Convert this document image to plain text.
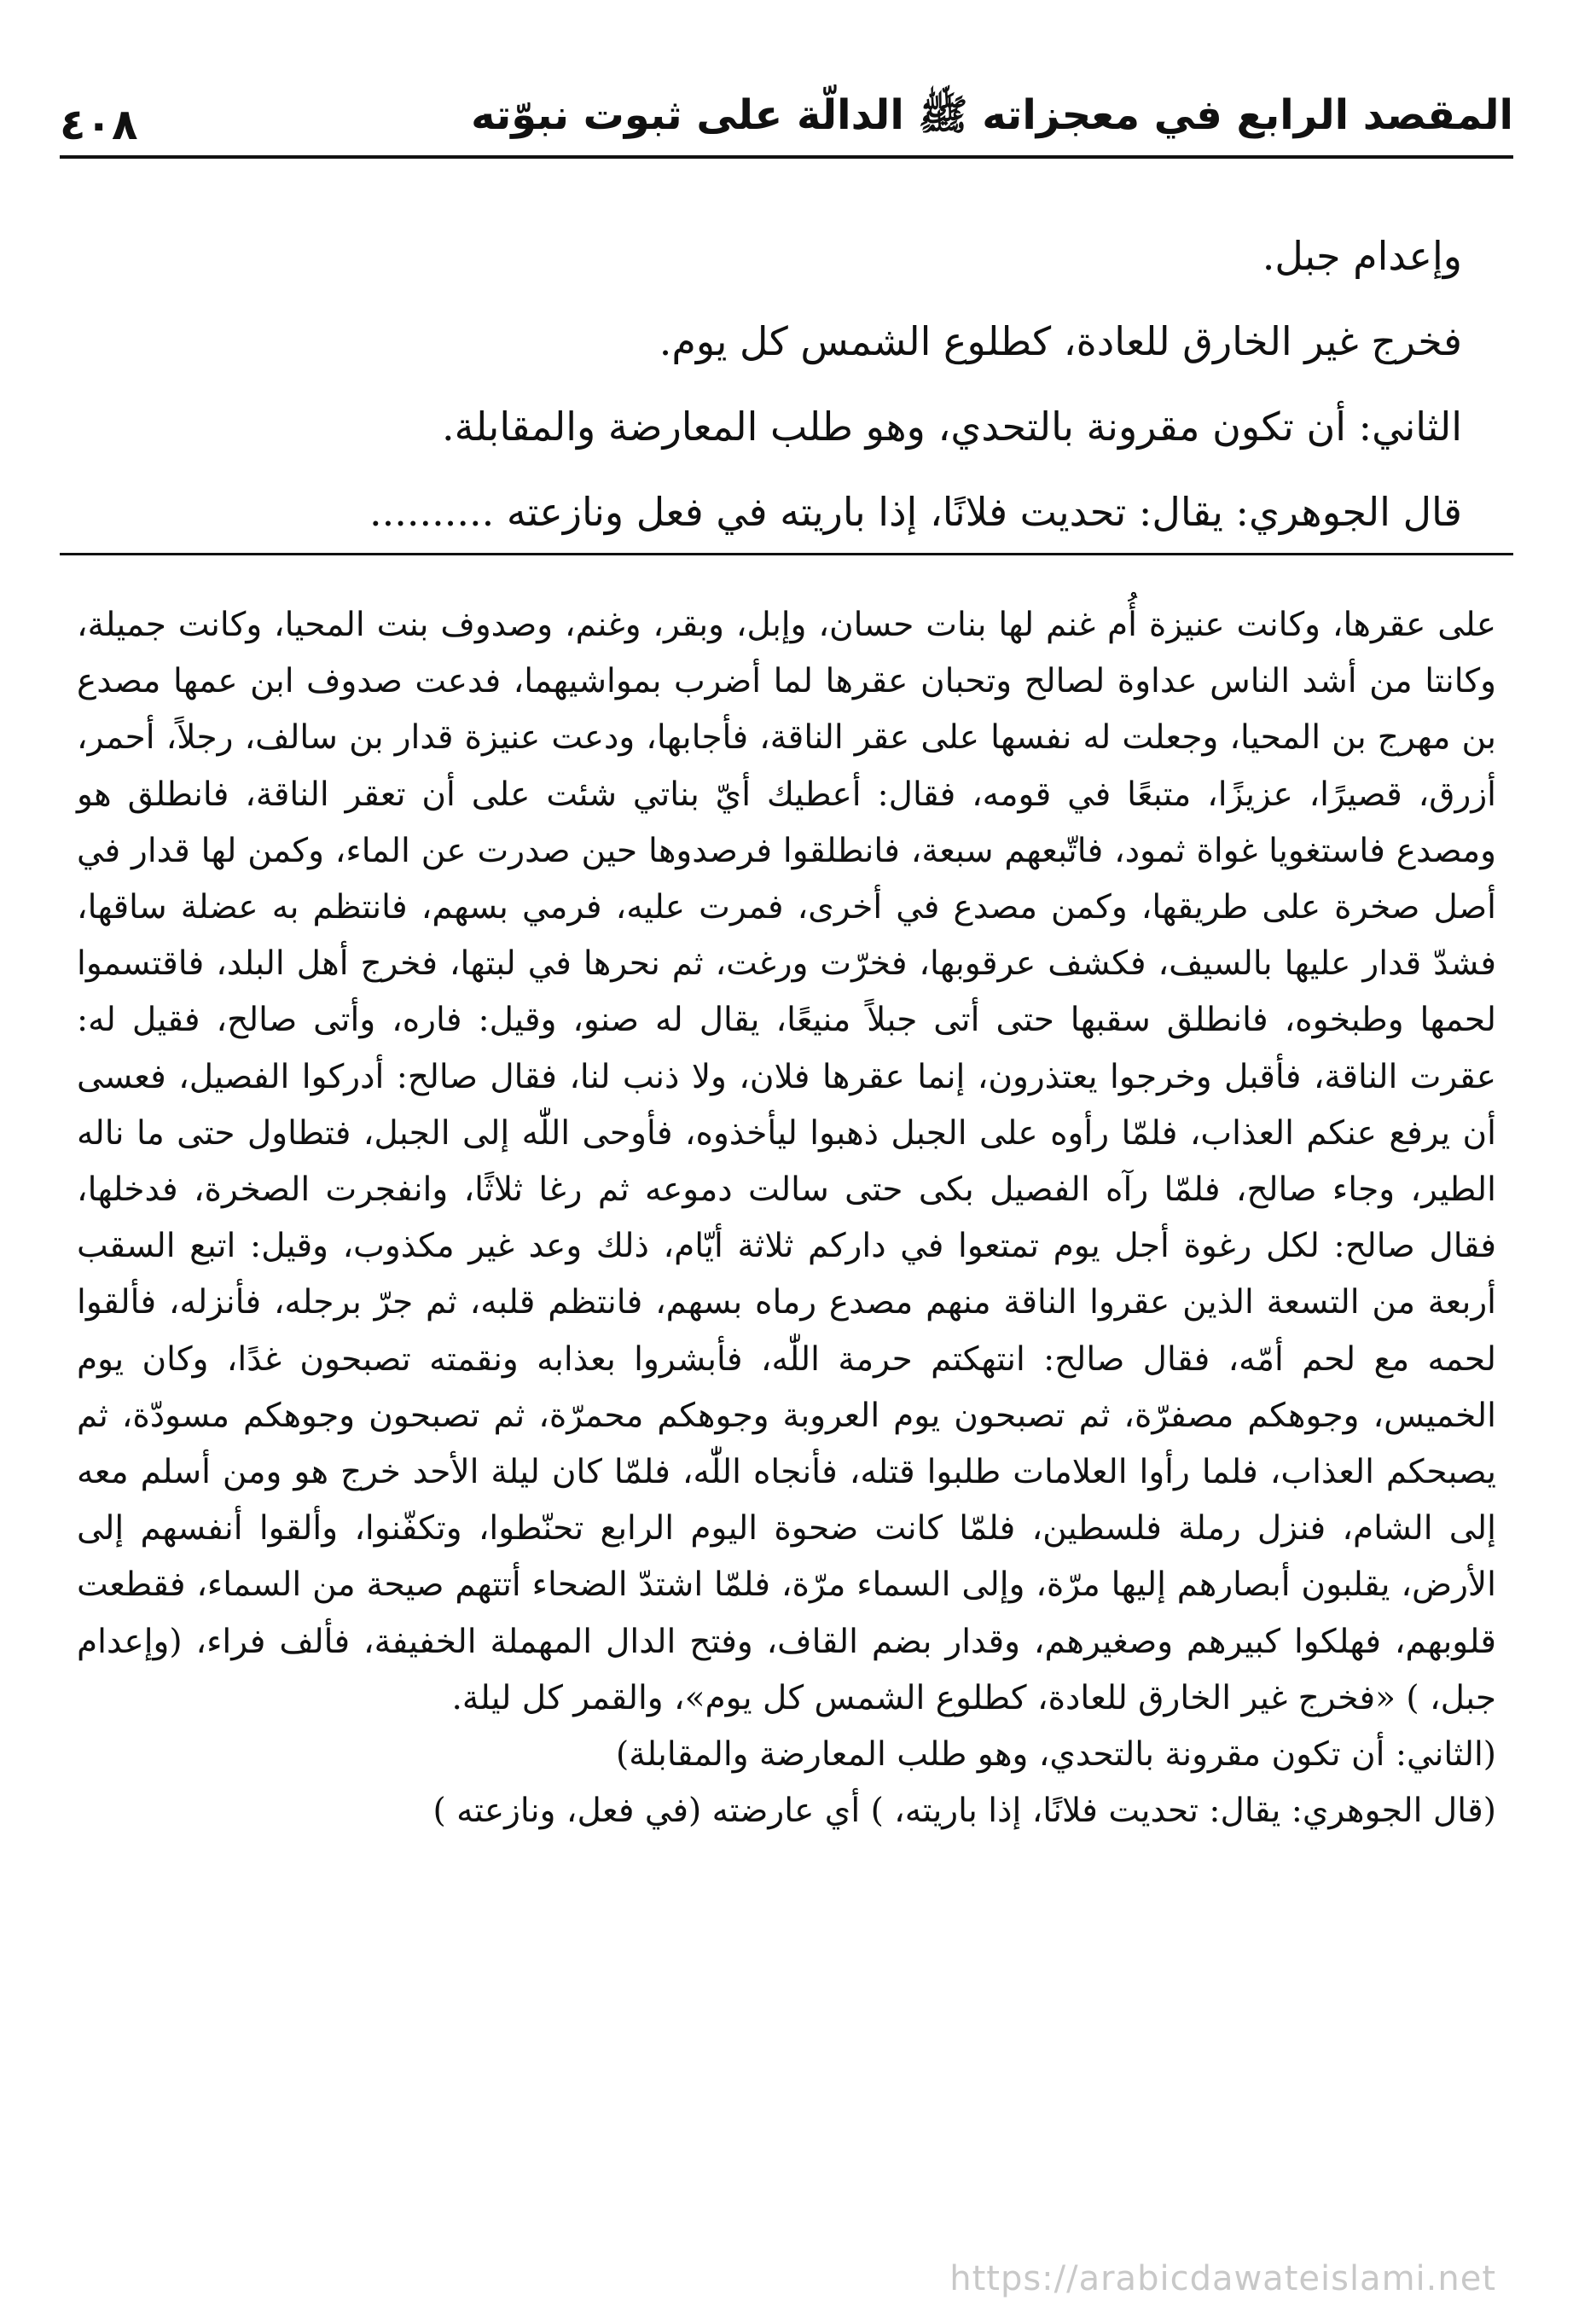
المقصد الرابع في معجزاته ﷺ الدالّة على ثبوت نبوّته
٤٠٨

وإعدام جبل.

فخرج غير الخارق للعادة، كطلوع الشمس كل يوم.

الثاني: أن تكون مقرونة بالتحدي، وهو طلب المعارضة والمقابلة.

قال الجوهري: يقال: تحديت فلانًا، إذا باريته في فعل ونازعته ..........

على عقرها، وكانت عنيزة أُم غنم لها بنات حسان، وإبل، وبقر، وغنم، وصدوف بنت المحيا، وكانت جميلة، وكانتا من أشد الناس عداوة لصالح وتحبان عقرها لما أضرب بمواشيهما، فدعت صدوف ابن عمها مصدع بن مهرج بن المحيا، وجعلت له نفسها على عقر الناقة، فأجابها، ودعت عنيزة قدار بن سالف، رجلاً، أحمر، أزرق، قصيرًا، عزيزًا، متبعًا في قومه، فقال: أعطيك أيّ بناتي شئت على أن تعقر الناقة، فانطلق هو ومصدع فاستغويا غواة ثمود، فاتّبعهم سبعة، فانطلقوا فرصدوها حين صدرت عن الماء، وكمن لها قدار في أصل صخرة على طريقها، وكمن مصدع في أخرى، فمرت عليه، فرمي بسهم، فانتظم به عضلة ساقها، فشدّ قدار عليها بالسيف، فكشف عرقوبها، فخرّت ورغت، ثم نحرها في لبتها، فخرج أهل البلد، فاقتسموا لحمها وطبخوه، فانطلق سقبها حتى أتى جبلاً منيعًا، يقال له صنو، وقيل: فاره، وأتى صالح، فقيل له: عقرت الناقة، فأقبل وخرجوا يعتذرون، إنما عقرها فلان، ولا ذنب لنا، فقال صالح: أدركوا الفصيل، فعسى أن يرفع عنكم العذاب، فلمّا رأوه على الجبل ذهبوا ليأخذوه، فأوحى اللّٰه إلى الجبل، فتطاول حتى ما ناله الطير، وجاء صالح، فلمّا رآه الفصيل بكى حتى سالت دموعه ثم رغا ثلاثًا، وانفجرت الصخرة، فدخلها، فقال صالح: لكل رغوة أجل يوم تمتعوا في داركم ثلاثة أيّام، ذلك وعد غير مكذوب، وقيل: اتبع السقب أربعة من التسعة الذين عقروا الناقة منهم مصدع رماه بسهم، فانتظم قلبه، ثم جرّ برجله، فأنزله، فألقوا لحمه مع لحم أمّه، فقال صالح: انتهكتم حرمة اللّٰه، فأبشروا بعذابه ونقمته تصبحون غدًا، وكان يوم الخميس، وجوهكم مصفرّة، ثم تصبحون يوم العروبة وجوهكم محمرّة، ثم تصبحون وجوهكم مسودّة، ثم يصبحكم العذاب، فلما رأوا العلامات طلبوا قتله، فأنجاه اللّٰه، فلمّا كان ليلة الأحد خرج هو ومن أسلم معه إلى الشام، فنزل رملة فلسطين، فلمّا كانت ضحوة اليوم الرابع تحنّطوا، وتكفّنوا، وألقوا أنفسهم إلى الأرض، يقلبون أبصارهم إليها مرّة، وإلى السماء مرّة، فلمّا اشتدّ الضحاء أتتهم صيحة من السماء، فقطعت قلوبهم، فهلكوا كبيرهم وصغيرهم، وقدار بضم القاف، وفتح الدال المهملة الخفيفة، فألف فراء، (وإعدام جبل، ) «فخرج غير الخارق للعادة، كطلوع الشمس كل يوم»، والقمر كل ليلة.

(الثاني: أن تكون مقرونة بالتحدي، وهو طلب المعارضة والمقابلة)

(قال الجوهري: يقال: تحديت فلانًا، إذا باريته، ) أي عارضته (في فعل، ونازعته )

https://arabicdawateislami.net
